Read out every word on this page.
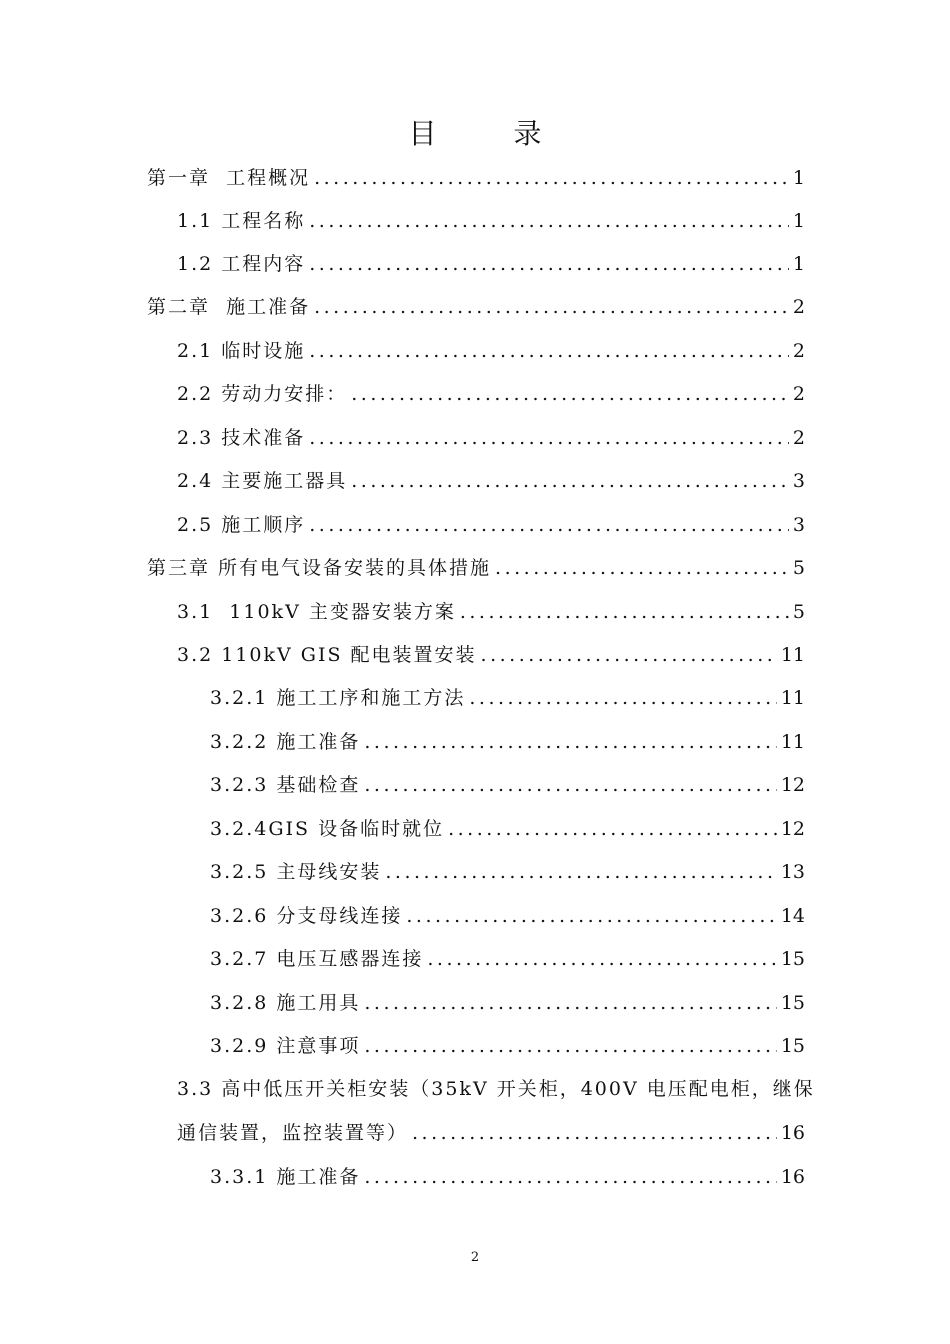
目 录
第一章  工程概况 .....	1
1.1 工程名称 .....	1
1.2 工程内容 .....	1
第二章  施工准备 .....	2
2.1 临时设施 .....	2
2.2 劳动力安排： .....	2
2.3 技术准备 .....	2
2.4 主要施工器具 .....	3
2.5 施工顺序 .....	3
第三章 所有电气设备安装的具体措施 .....	5
3.1  110kV 主变器安装方案 .....	5
3.2 110kV GIS 配电装置安装 .....	11
3.2.1 施工工序和施工方法 .....	11
3.2.2 施工准备 .....	11
3.2.3 基础检查 .....	12
3.2.4GIS 设备临时就位 .....	12
3.2.5 主母线安装 .....	13
3.2.6 分支母线连接 .....	14
3.2.7 电压互感器连接 .....	15
3.2.8 施工用具 .....	15
3.2.9 注意事项 .....	15
3.3 高中低压开关柜安装（35kV 开关柜，400V 电压配电柜，继保
通信装置，监控装置等） .....	16
3.3.1 施工准备 .....	16
2
